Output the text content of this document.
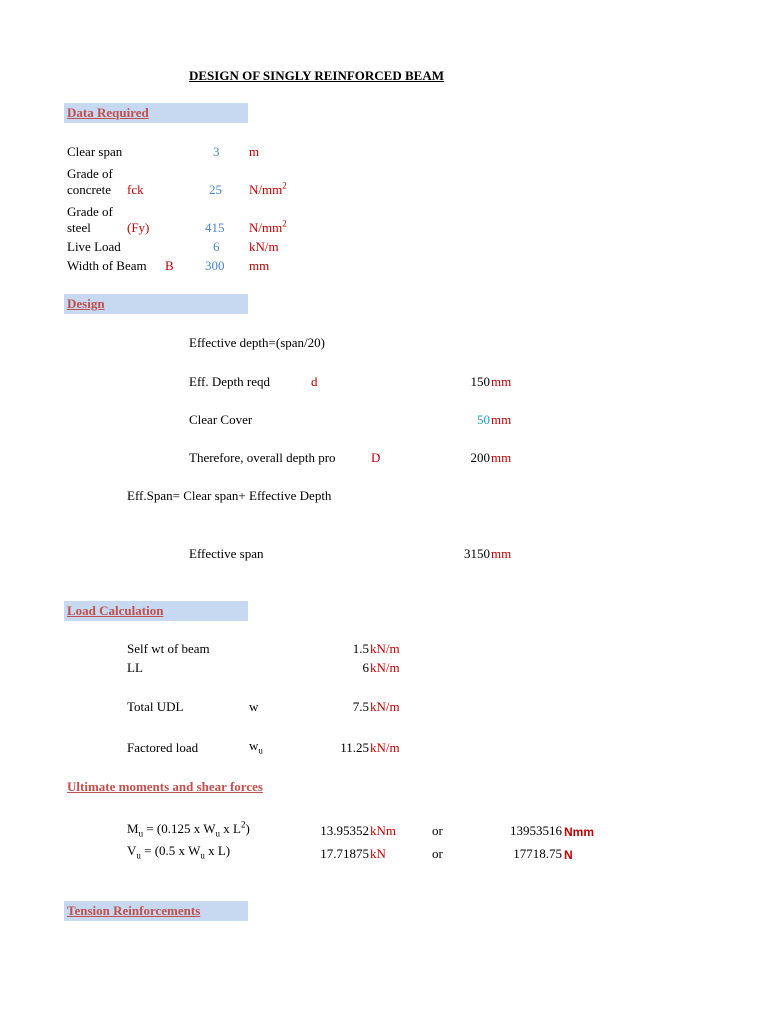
DESIGN OF SINGLY REINFORCED BEAM
Data Required
Clear span	3 m
Grade of
concrete fck	25 $N/mm^2$
Grade of
steel	(Fy)	415 $N/mm^2$
Live Load	6 kN/m
Width of Beam B 300 mm
Design
Effective depth=(span/20)
Eff. Depth reqd	d	150 mm
Clear Cover	50 mm
Therefore, overall depth pro	D	200 mm
Eff.Span= Clear span+ Effective Depth
Effective span	3150 mm
Load Calculation
Self wt of beam	1.5 kN/m
LL	6 kN/m
Total UDL	w	7.5 kN/m
Factored load	$w_u$	11.25 kN/m
Ultimate moments and shear forces
$M_u = (0.125$ x $W_u$ x $L^2$)	13.95352 kNm	or	13953516 Nmm
$V_u = (0.5$ x $W_u$ x L)	17.71875 kN	or	17718.75 N
Tension Reinforcements
